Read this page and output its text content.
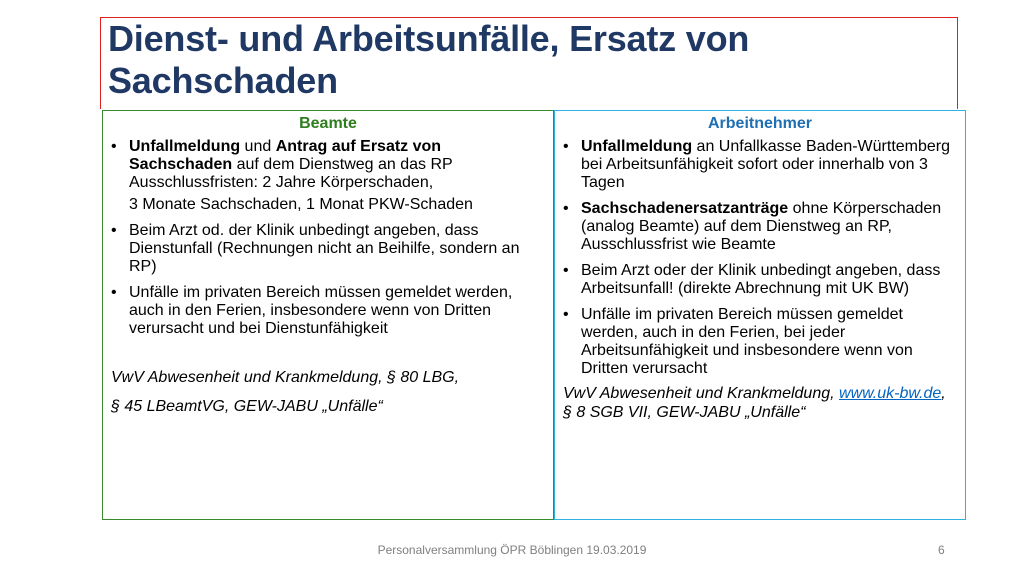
Dienst- und Arbeitsunfälle, Ersatz von Sachschaden
Beamte
• Unfallmeldung und Antrag auf Ersatz von Sachschaden auf dem Dienstweg an das RP Ausschlussfristen: 2 Jahre Körperschaden,
3 Monate Sachschaden, 1 Monat PKW-Schaden
• Beim Arzt od. der Klinik unbedingt angeben, dass Dienstunfall (Rechnungen nicht an Beihilfe, sondern an RP)
• Unfälle im privaten Bereich müssen gemeldet werden, auch in den Ferien, insbesondere wenn von Dritten verursacht und bei Dienstunfähigkeit

VwV Abwesenheit und Krankmeldung, § 80 LBG,

§ 45 LBeamtVG, GEW-JABU „Unfälle“

Arbeitnehmer
• Unfallmeldung an Unfallkasse Baden-Württemberg bei Arbeitsunfähigkeit sofort oder innerhalb von 3 Tagen
• Sachschadenersatzanträge ohne Körperschaden (analog Beamte) auf dem Dienstweg an RP, Ausschlussfrist wie Beamte
• Beim Arzt oder der Klinik unbedingt angeben, dass Arbeitsunfall! (direkte Abrechnung mit UK BW)
• Unfälle im privaten Bereich müssen gemeldet werden, auch in den Ferien, bei jeder Arbeitsunfähigkeit und insbesondere wenn von Dritten verursacht

VwV Abwesenheit und Krankmeldung, www.uk-bw.de, § 8 SGB VII, GEW-JABU „Unfälle“

Personalversammlung ÖPR Böblingen 19.03.2019	6
